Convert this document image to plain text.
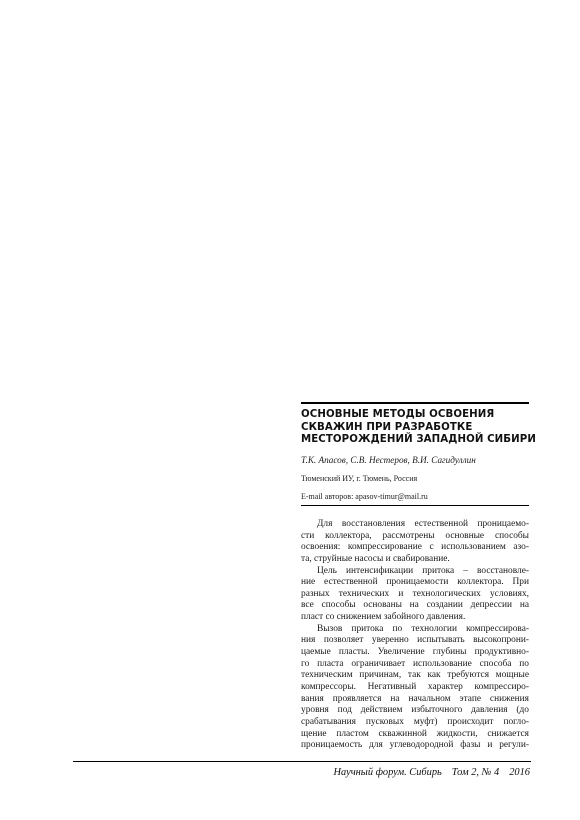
ОСНОВНЫЕ МЕТОДЫ ОСВОЕНИЯ
СКВАЖИН ПРИ РАЗРАБОТКЕ
МЕСТОРОЖДЕНИЙ ЗАПАДНОЙ СИБИРИ
Т.К. Апасов, С.В. Нестеров, В.И. Сагидуллин
Тюменский ИУ, г. Тюмень, Россия
E-mail авторов: apasov-timur@mail.ru
Для восстановления естественной проницаемо-
сти коллектора, рассмотрены основные способы
освоения: компрессирование с использованием азо-
та, струйные насосы и свабирование.
Цель интенсификации притока – восстановле-
ние естественной проницаемости коллектора. При
разных технических и технологических условиях,
все способы основаны на создании депрессии на
пласт со снижением забойного давления.
Вызов притока по технологии компрессирова-
ния позволяет уверенно испытывать высокопрони-
цаемые пласты. Увеличение глубины продуктивно-
го пласта ограничивает использование способа по
техническим причинам, так как требуются мощные
компрессоры. Негативный характер компрессиро-
вания проявляется на начальном этапе снижения
уровня под действием избыточного давления (до
срабатывания пусковых муфт) происходит погло-
щение пластом скважинной жидкости, снижается
проницаемость для углеводородной фазы и регули-
Научный форум. Сибирь Том 2, № 4 2016
